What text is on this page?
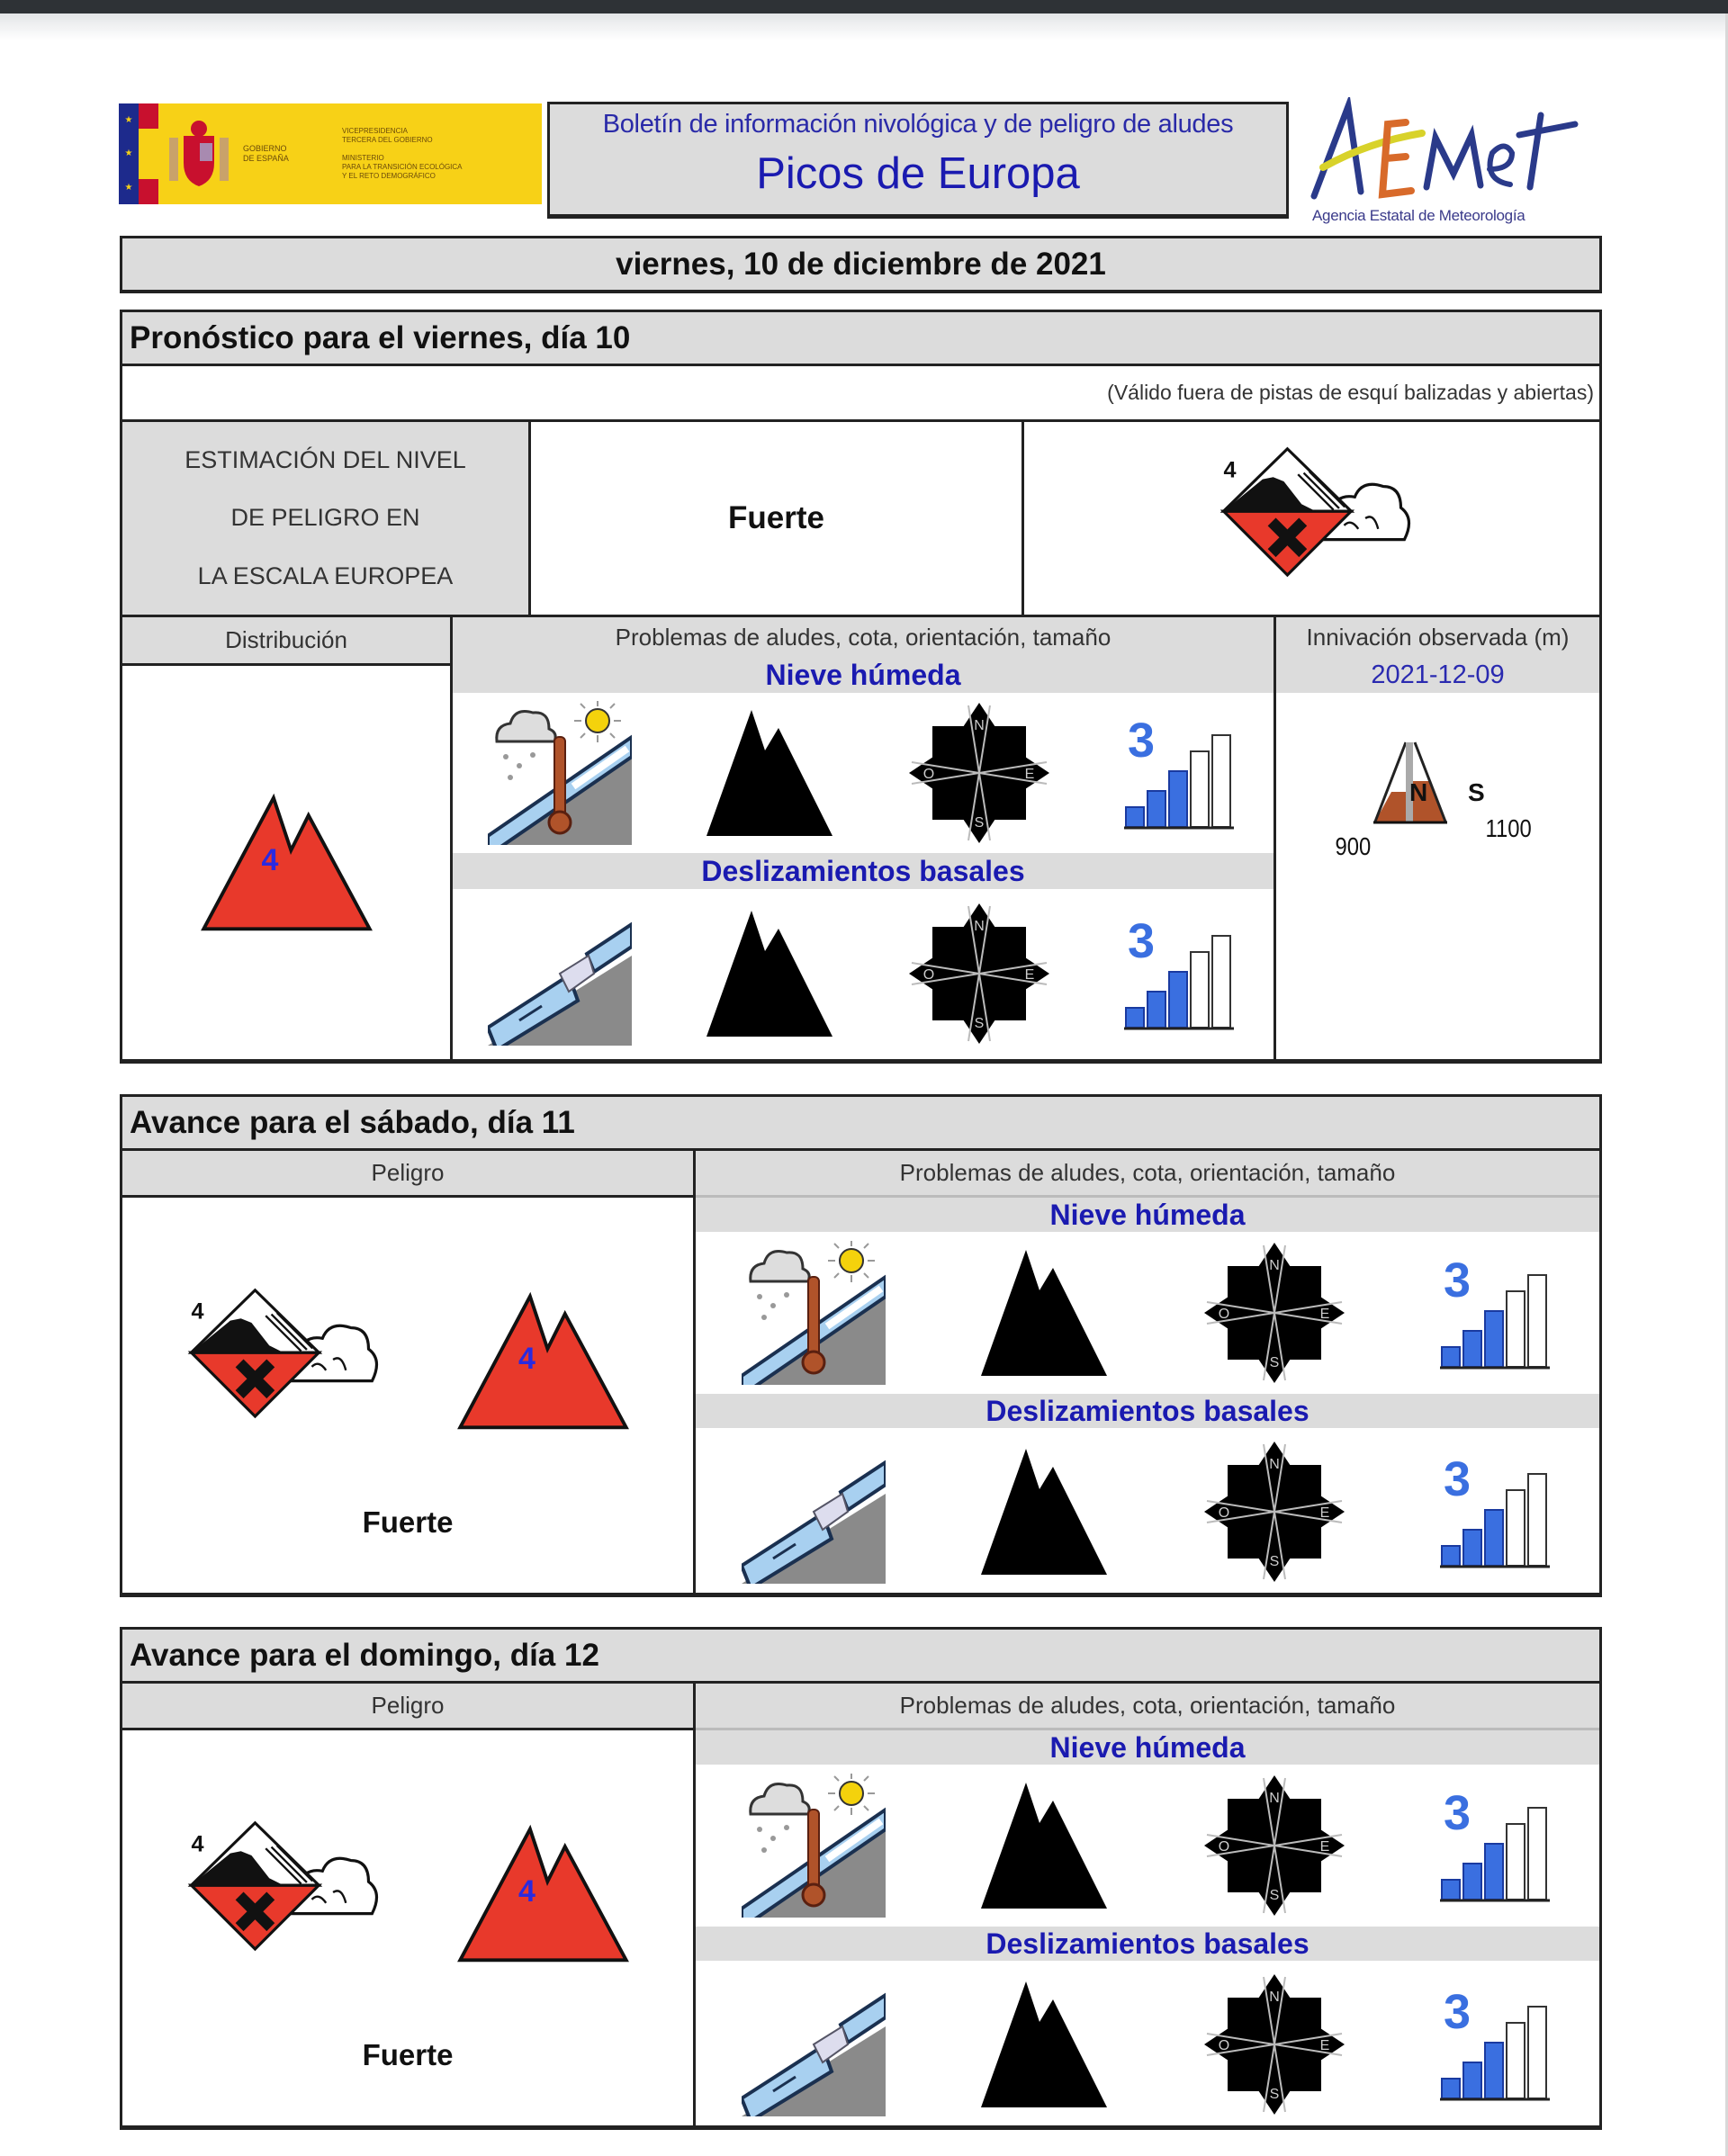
★
★
★
GOBIERNO
DE ESPAÑA
VICEPRESIDENCIA
TERCERA DEL GOBIERNO
MINISTERIO
PARA LA TRANSICIÓN ECOLÓGICA
Y EL RETO DEMOGRÁFICO
Boletín de información nivológica y de peligro de aludes
Picos de Europa
Agencia Estatal de Meteorología
viernes, 10 de diciembre de 2021
Pronóstico para el viernes, día 10
(Válido fuera de pistas de esquí balizadas y abiertas)
ESTIMACIÓN DEL NIVEL
DE PELIGRO EN
LA ESCALA EUROPEA
Fuerte
Distribución
4
Problemas de aludes, cota, orientación, tamaño
Nieve húmeda
N
S
O	E
3
Deslizamientos basales
N
S
O	E
3
Innivación observada (m)
2021-12-09
N S
900
1100
Avance para el sábado, día 11
Peligro
4
Fuerte
Problemas de aludes, cota, orientación, tamaño
Nieve húmeda
N
S
O	E
3
Deslizamientos basales
N
S
O	E
3
Avance para el domingo, día 12
Peligro
4
Fuerte
Problemas de aludes, cota, orientación, tamaño
Nieve húmeda
N
S
O	E
3
Deslizamientos basales
N
S
O	E
3
